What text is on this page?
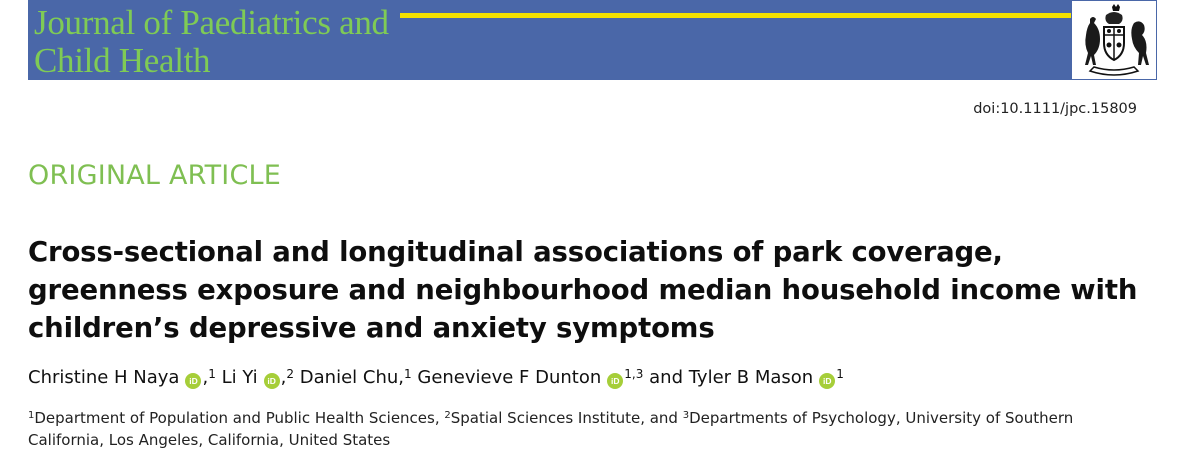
Journal of Paediatrics and
Child Health
doi:10.1111/jpc.15809
ORIGINAL ARTICLE
Cross-sectional and longitudinal associations of park coverage, greenness exposure and neighbourhood median household income with children’s depressive and anxiety symptoms
Christine H Naya iD ,$^1$ Li Yi iD ,$^2$ Daniel Chu,$^1$ Genevieve F Dunton iD $^{1,3}$ and Tyler B Mason iD $^1$
$^1$Department of Population and Public Health Sciences, $^2$Spatial Sciences Institute, and $^3$Departments of Psychology, University of Southern California, Los Angeles, California, United States
